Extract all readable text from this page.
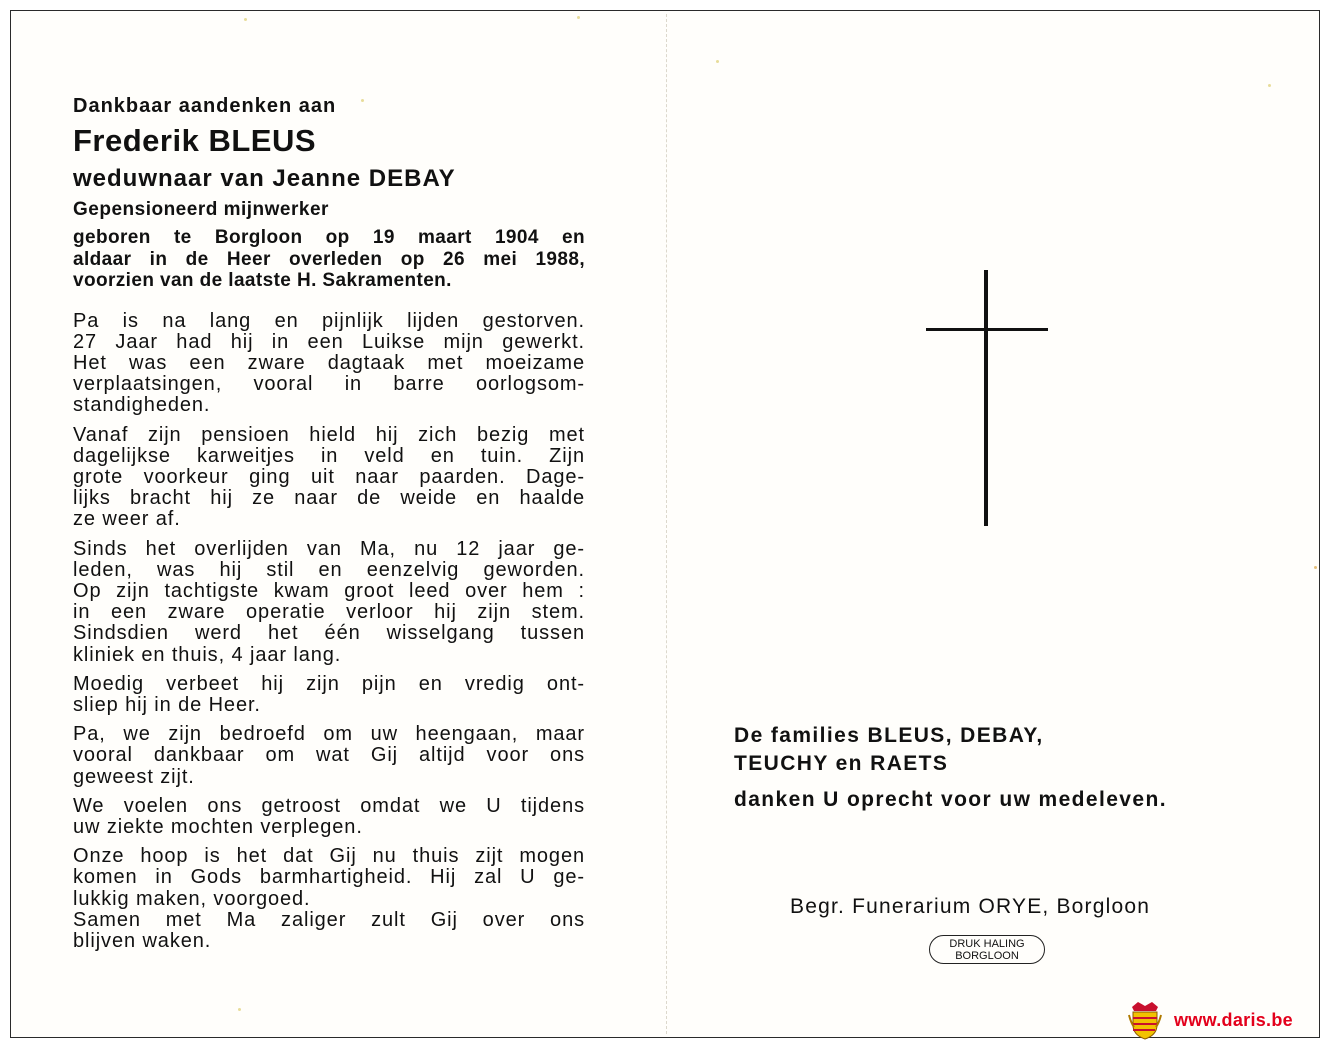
Dankbaar aandenken aan

Frederik BLEUS

weduwnaar van Jeanne DEBAY

Gepensioneerd mijnwerker

geboren te Borgloon op 19 maart 1904 en
aldaar in de Heer overleden op 26 mei 1988,
voorzien van de laatste H. Sakramenten.
Pa is na lang en pijnlijk lijden gestorven.
27 Jaar had hij in een Luikse mijn gewerkt.
Het was een zware dagtaak met moeizame
verplaatsingen, vooral in barre oorlogsom-
standigheden.
Vanaf zijn pensioen hield hij zich bezig met
dagelijkse karweitjes in veld en tuin. Zijn
grote voorkeur ging uit naar paarden. Dage-
lijks bracht hij ze naar de weide en haalde
ze weer af.
Sinds het overlijden van Ma, nu 12 jaar ge-
leden, was hij stil en eenzelvig geworden.
Op zijn tachtigste kwam groot leed over hem :
in een zware operatie verloor hij zijn stem.
Sindsdien werd het één wisselgang tussen
kliniek en thuis, 4 jaar lang.
Moedig verbeet hij zijn pijn en vredig ont-
sliep hij in de Heer.
Pa, we zijn bedroefd om uw heengaan, maar
vooral dankbaar om wat Gij altijd voor ons
geweest zijt.
We voelen ons getroost omdat we U tijdens
uw ziekte mochten verplegen.
Onze hoop is het dat Gij nu thuis zijt mogen
komen in Gods barmhartigheid. Hij zal U ge-
lukkig maken, voorgoed.
Samen met Ma zaliger zult Gij over ons
blijven waken.

De families BLEUS, DEBAY,

TEUCHY en RAETS

danken U oprecht voor uw medeleven.

Begr. Funerarium ORYE, Borgloon
DRUK HALING
BORGLOON
www.daris.be
